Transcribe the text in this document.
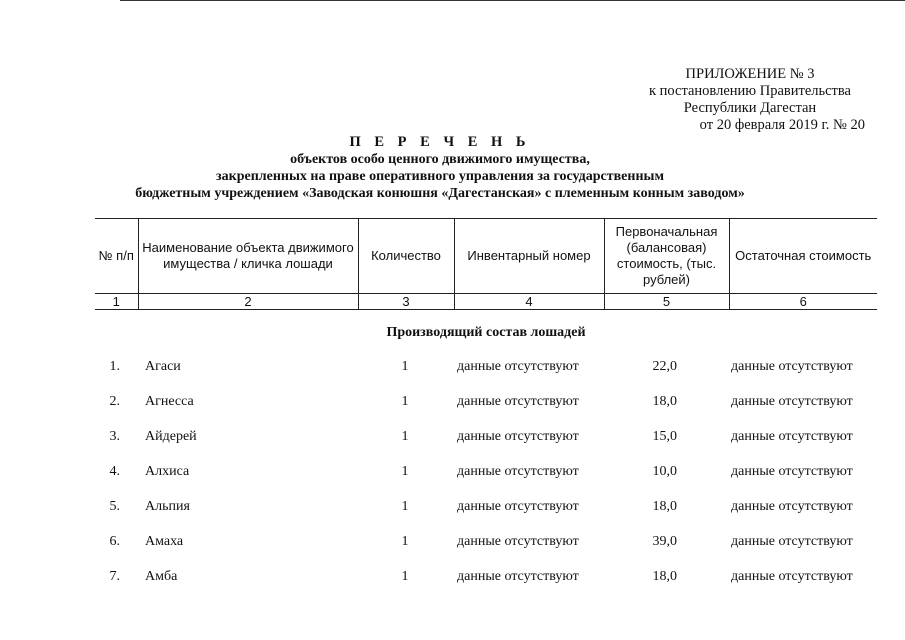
ПРИЛОЖЕНИЕ № 3
к постановлению Правительства
Республики Дагестан
от 20 февраля 2019 г. № 20
П Е Р Е Ч Е Н Ь
объектов особо ценного движимого имущества,
закрепленных на праве оперативного управления за государственным
бюджетным учреждением «Заводская конюшня «Дагестанская» с племенным конным заводом»
№ п/п	Наименование объекта движимого имущества / кличка лошади	Количество	Инвентарный номер	Первоначальная (балансовая) стоимость, (тыс. рублей)	Остаточная стоимость
1	2	3	4	5	6
Производящий состав лошадей
1. Агаси	1	данные отсутствуют	22,0	данные отсутствуют
2. Агнесса	1	данные отсутствуют	18,0	данные отсутствуют
3. Айдерей	1	данные отсутствуют	15,0	данные отсутствуют
4. Алхиса	1	данные отсутствуют	10,0	данные отсутствуют
5. Альпия	1	данные отсутствуют	18,0	данные отсутствуют
6. Амаха	1	данные отсутствуют	39,0	данные отсутствуют
7. Амба	1	данные отсутствуют	18,0	данные отсутствуют
